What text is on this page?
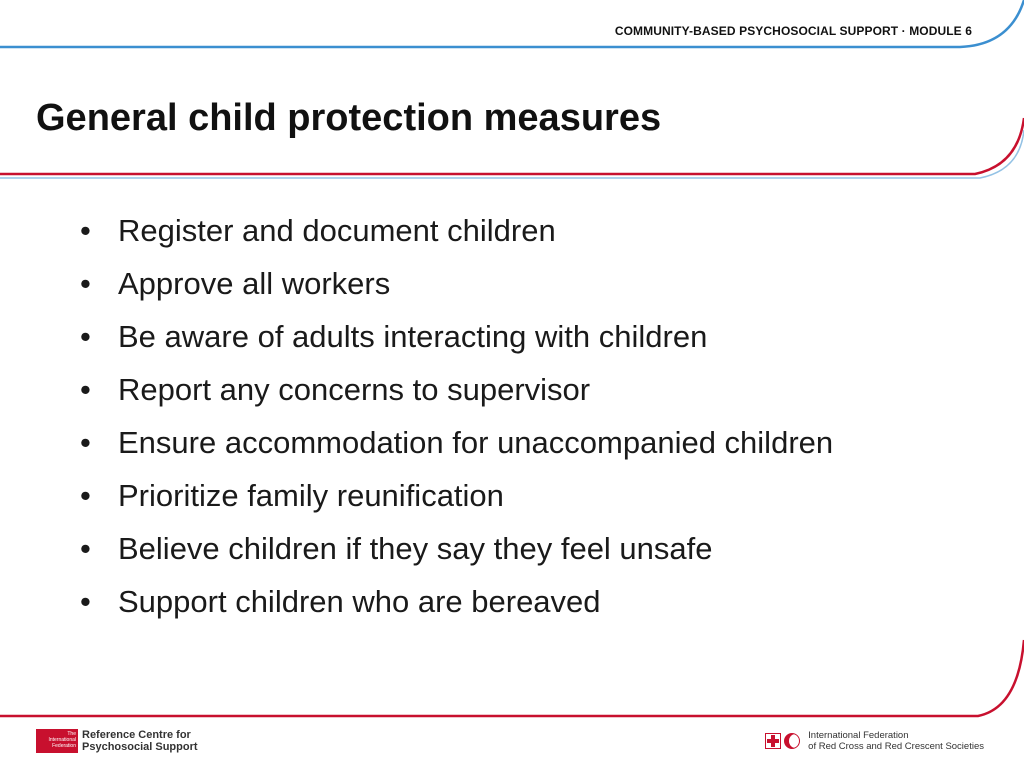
COMMUNITY-BASED PSYCHOSOCIAL SUPPORT · MODULE 6
General child protection measures
• Register and document children
• Approve all workers
• Be aware of adults interacting with children
• Report any concerns to supervisor
• Ensure accommodation for unaccompanied children
• Prioritize family reunification
• Believe children if they say they feel unsafe
• Support children who are bereaved
The
International
Federation
Reference Centre for
Psychosocial Support
International Federation
of Red Cross and Red Crescent Societies
